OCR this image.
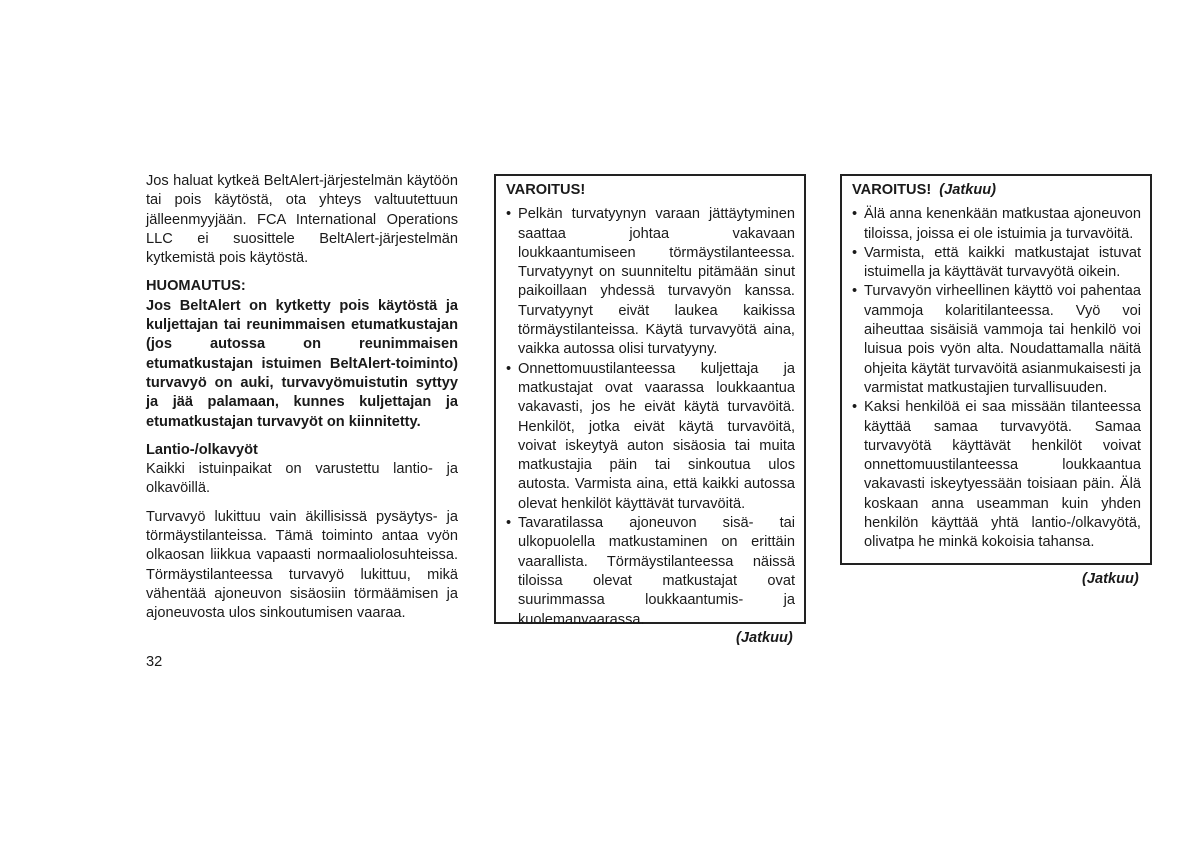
Jos haluat kytkeä BeltAlert-järjestelmän käytöön tai pois käytöstä, ota yhteys valtuutettuun jälleenmyyjään. FCA International Operations LLC ei suosittele BeltAlert-järjestelmän kytkemistä pois käytöstä.

HUOMAUTUS:

Jos BeltAlert on kytketty pois käytöstä ja kuljettajan tai reunimmaisen etumatkustajan (jos autossa on reunimmaisen etumatkustajan istuimen BeltAlert-toiminto) turvavyö on auki, turvavyömuistutin syttyy ja jää palamaan, kunnes kuljettajan ja etumatkustajan turvavyöt on kiinnitetty.

Lantio-/olkavyöt

Kaikki istuinpaikat on varustettu lantio- ja olkavöillä.

Turvavyö lukittuu vain äkillisissä pysäytys- ja törmäystilanteissa. Tämä toiminto antaa vyön olkaosan liikkua vapaasti normaaliolosuhteissa. Törmäystilanteessa turvavyö lukittuu, mikä vähentää ajoneuvon sisäosiin törmäämisen ja ajoneuvosta ulos sinkoutumisen vaaraa.

VAROITUS!
• Pelkän turvatyynyn varaan jättäytyminen saattaa johtaa vakavaan loukkaantumiseen törmäystilanteessa. Turvatyynyt on suunniteltu pitämään sinut paikoillaan yhdessä turvavyön kanssa. Turvatyynyt eivät laukea kaikissa törmäystilanteissa. Käytä turvavyötä aina, vaikka autossa olisi turvatyyny.
• Onnettomuustilanteessa kuljettaja ja matkustajat ovat vaarassa loukkaantua vakavasti, jos he eivät käytä turvavöitä. Henkilöt, jotka eivät käytä turvavöitä, voivat iskeytyä auton sisäosia tai muita matkustajia päin tai sinkoutua ulos autosta. Varmista aina, että kaikki autossa olevat henkilöt käyttävät turvavöitä.
• Tavaratilassa ajoneuvon sisä- tai ulkopuolella matkustaminen on erittäin vaarallista. Törmäystilanteessa näissä tiloissa olevat matkustajat ovat suurimmassa loukkaantumis- ja kuolemanvaarassa.
(Jatkuu)
VAROITUS! (Jatkuu)
• Älä anna kenenkään matkustaa ajoneuvon tiloissa, joissa ei ole istuimia ja turvavöitä.
• Varmista, että kaikki matkustajat istuvat istuimella ja käyttävät turvavyötä oikein.
• Turvavyön virheellinen käyttö voi pahentaa vammoja kolaritilanteessa. Vyö voi aiheuttaa sisäisiä vammoja tai henkilö voi luisua pois vyön alta. Noudattamalla näitä ohjeita käytät turvavöitä asianmukaisesti ja varmistat matkustajien turvallisuuden.
• Kaksi henkilöä ei saa missään tilanteessa käyttää samaa turvavyötä. Samaa turvavyötä käyttävät henkilöt voivat onnettomuustilanteessa loukkaantua vakavasti iskeytyessään toisiaan päin. Älä koskaan anna useamman kuin yhden henkilön käyttää yhtä lantio-/olkavyötä, olivatpa he minkä kokoisia tahansa.
(Jatkuu)
32
